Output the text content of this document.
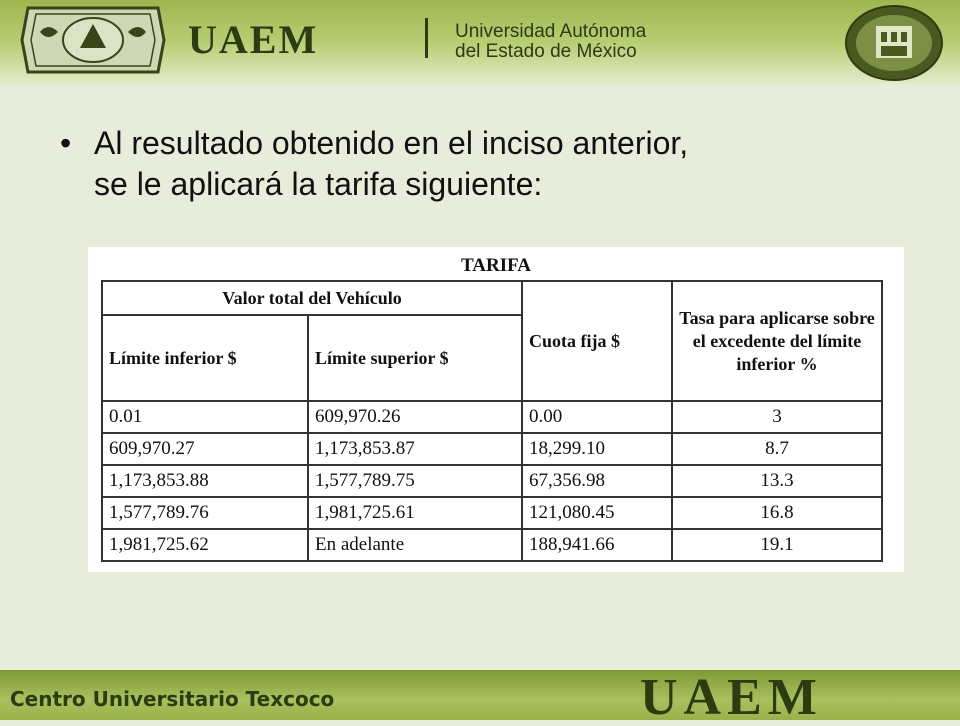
UAEM	Universidad Autónoma
del Estado de México
• Al resultado obtenido en el inciso anterior,
se le aplicará la tarifa siguiente:
TARIFA
Valor total del Vehículo		Cuota fija $	Tasa para aplicarse sobre el excedente del límite inferior %
Límite inferior $	Límite superior $		
0.01	609,970.26	0.00	3
609,970.27	1,173,853.87	18,299.10	8.7
1,173,853.88	1,577,789.75	67,356.98	13.3
1,577,789.76	1,981,725.61	121,080.45	16.8
1,981,725.62	En adelante	188,941.66	19.1
Centro Universitario Texcoco	UAEM
